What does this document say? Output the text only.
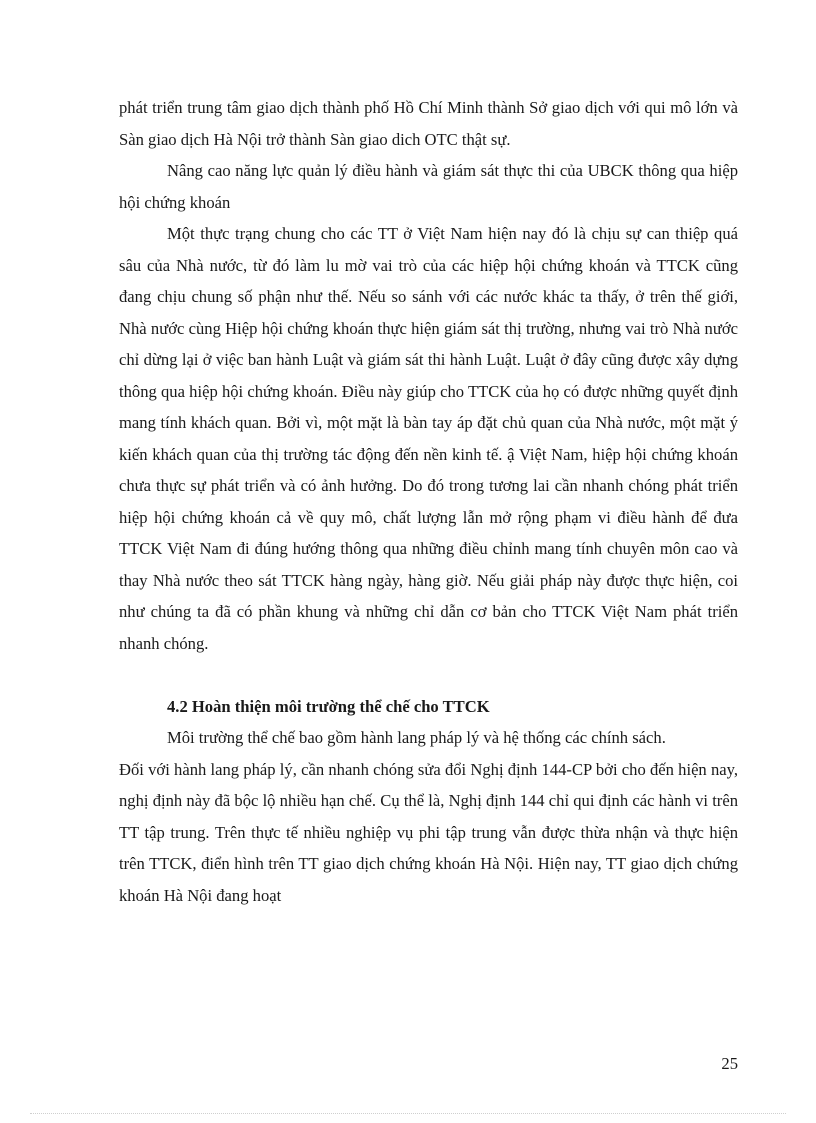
phát triển trung tâm giao dịch thành phố Hồ Chí Minh thành Sở giao dịch với qui mô lớn và Sàn giao dịch Hà Nội trở thành Sàn giao dich OTC thật sự.

Nâng cao năng lực quản lý điều hành và giám sát thực thi của UBCK thông qua hiệp hội chứng khoán

Một thực trạng chung cho các TT ở Việt Nam hiện nay đó là chịu sự can thiệp quá sâu của Nhà nước, từ đó làm lu mờ vai trò của các hiệp hội chứng khoán và TTCK cũng đang chịu chung số phận như thế. Nếu so sánh với các nước khác ta thấy, ở trên thế giới, Nhà nước cùng Hiệp hội chứng khoán thực hiện giám sát thị trường, nhưng vai trò Nhà nước chỉ dừng lại ở việc ban hành Luật và giám sát thi hành Luật. Luật ở đây cũng được xây dựng thông qua hiệp hội chứng khoán. Điều này giúp cho TTCK của họ có được những quyết định mang tính khách quan. Bởi vì, một mặt là bàn tay áp đặt chủ quan của Nhà nước, một mặt ý kiến khách quan của thị trường tác động đến nền kinh tế. ậ Việt Nam, hiệp hội chứng khoán chưa thực sự phát triển và có ảnh hưởng. Do đó trong tương lai cần nhanh chóng phát triển hiệp hội chứng khoán cả về quy mô, chất lượng lẫn mở rộng phạm vi điều hành để đưa TTCK Việt Nam đi đúng hướng thông qua những điều chỉnh mang tính chuyên môn cao và thay Nhà nước theo sát TTCK hàng ngày, hàng giờ. Nếu giải pháp này được thực hiện, coi như chúng ta đã có phần khung và những chỉ dẫn cơ bản cho TTCK Việt Nam phát triển nhanh chóng.

4.2 Hoàn thiện môi trường thể chế cho TTCK

Môi trường thể chế bao gồm hành lang pháp lý và hệ thống các chính sách.

Đối với hành lang pháp lý, cần nhanh chóng sửa đổi Nghị định 144-CP bởi cho đến hiện nay, nghị định này đã bộc lộ nhiều hạn chế. Cụ thể là, Nghị định 144 chỉ qui định các hành vi trên TT tập trung. Trên thực tế nhiều nghiệp vụ phi tập trung vẫn được thừa nhận và thực hiện trên TTCK, điển hình trên TT giao dịch chứng khoán Hà Nội. Hiện nay, TT giao dịch chứng khoán Hà Nội đang hoạt

25
